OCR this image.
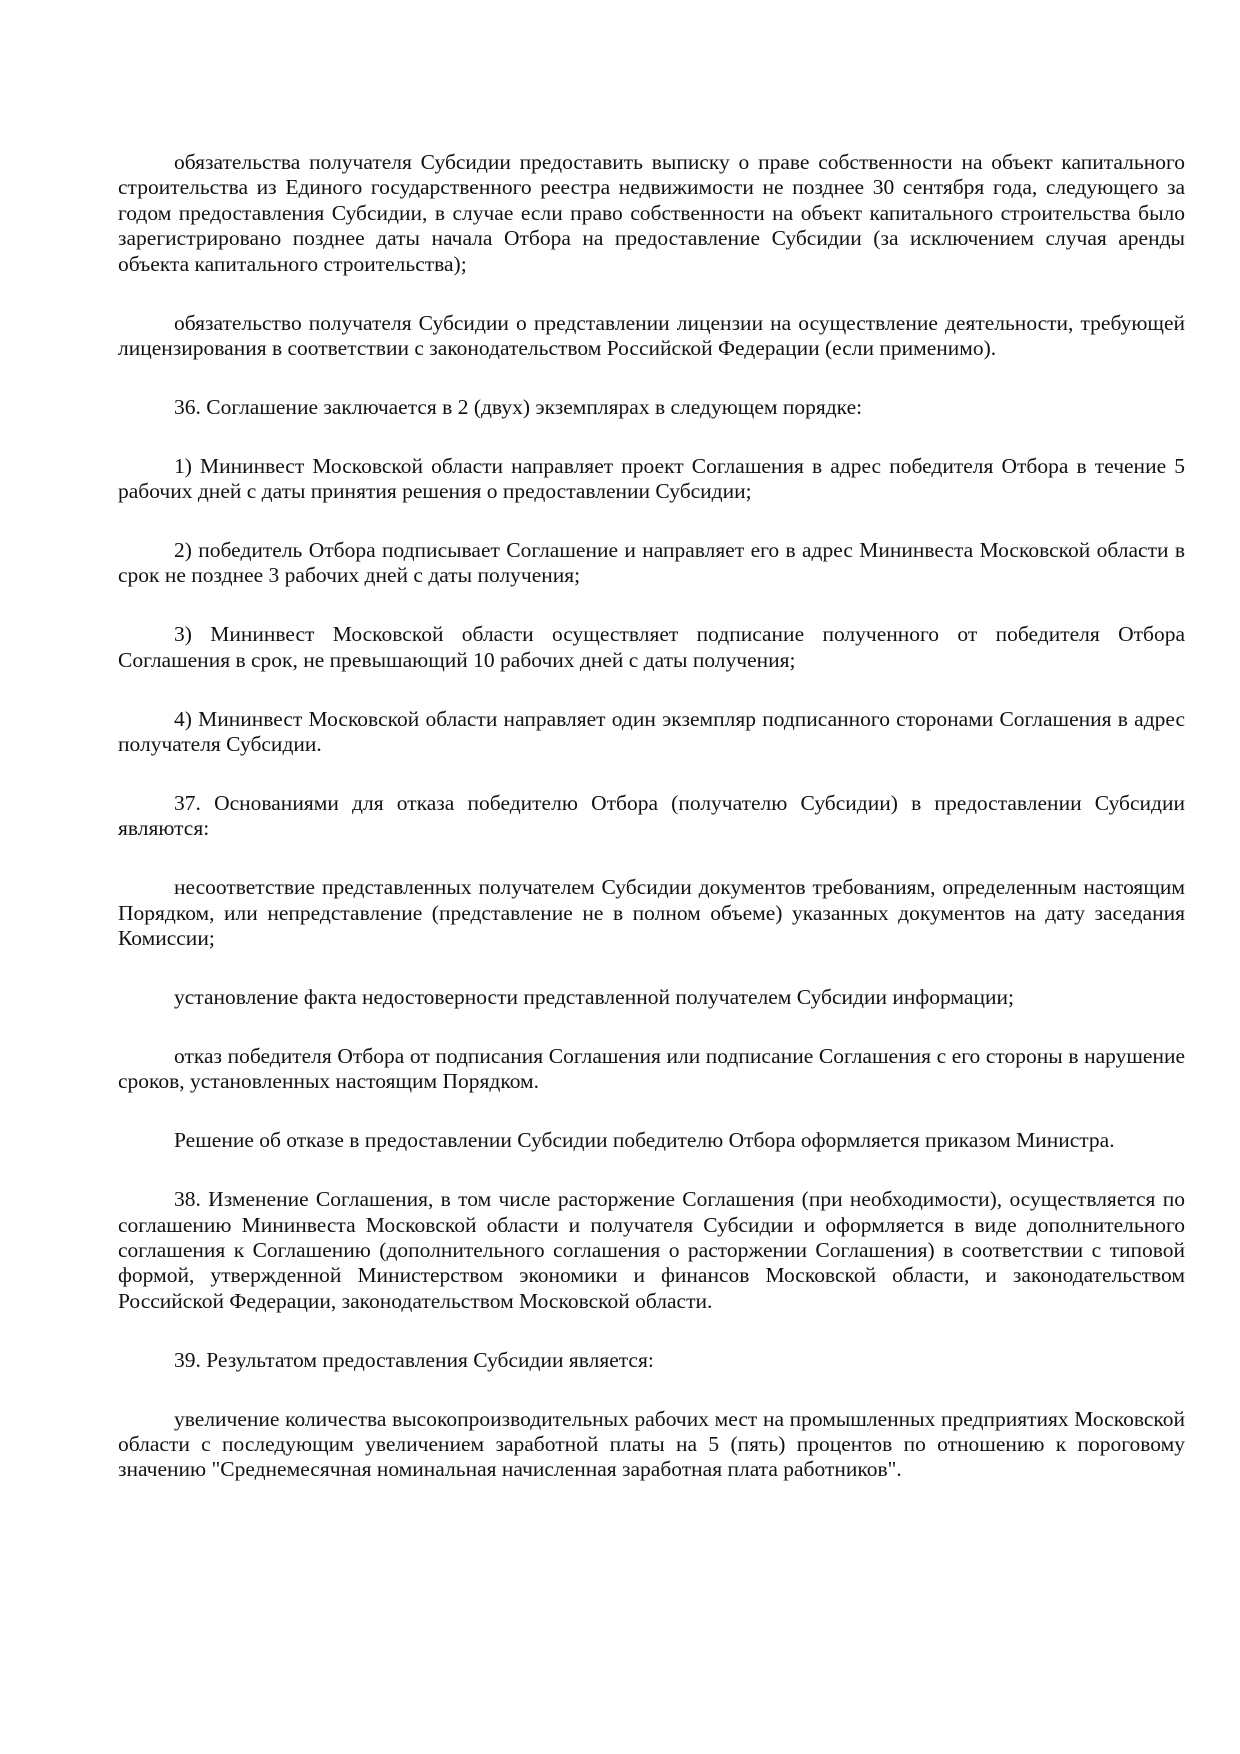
обязательства получателя Субсидии предоставить выписку о праве собственности на объект капитального строительства из Единого государственного реестра недвижимости не позднее 30 сентября года, следующего за годом предоставления Субсидии, в случае если право собственности на объект капитального строительства было зарегистрировано позднее даты начала Отбора на предоставление Субсидии (за исключением случая аренды объекта капитального строительства);

обязательство получателя Субсидии о представлении лицензии на осуществление деятельности, требующей лицензирования в соответствии с законодательством Российской Федерации (если применимо).

36. Соглашение заключается в 2 (двух) экземплярах в следующем порядке:

1) Мининвест Московской области направляет проект Соглашения в адрес победителя Отбора в течение 5 рабочих дней с даты принятия решения о предоставлении Субсидии;

2) победитель Отбора подписывает Соглашение и направляет его в адрес Мининвеста Московской области в срок не позднее 3 рабочих дней с даты получения;

3) Мининвест Московской области осуществляет подписание полученного от победителя Отбора Соглашения в срок, не превышающий 10 рабочих дней с даты получения;

4) Мининвест Московской области направляет один экземпляр подписанного сторонами Соглашения в адрес получателя Субсидии.

37. Основаниями для отказа победителю Отбора (получателю Субсидии) в предоставлении Субсидии являются:

несоответствие представленных получателем Субсидии документов требованиям, определенным настоящим Порядком, или непредставление (представление не в полном объеме) указанных документов на дату заседания Комиссии;

установление факта недостоверности представленной получателем Субсидии информации;

отказ победителя Отбора от подписания Соглашения или подписание Соглашения с его стороны в нарушение сроков, установленных настоящим Порядком.

Решение об отказе в предоставлении Субсидии победителю Отбора оформляется приказом Министра.

38. Изменение Соглашения, в том числе расторжение Соглашения (при необходимости), осуществляется по соглашению Мининвеста Московской области и получателя Субсидии и оформляется в виде дополнительного соглашения к Соглашению (дополнительного соглашения о расторжении Соглашения) в соответствии с типовой формой, утвержденной Министерством экономики и финансов Московской области, и законодательством Российской Федерации, законодательством Московской области.

39. Результатом предоставления Субсидии является:

увеличение количества высокопроизводительных рабочих мест на промышленных предприятиях Московской области с последующим увеличением заработной платы на 5 (пять) процентов по отношению к пороговому значению "Среднемесячная номинальная начисленная заработная плата работников".
